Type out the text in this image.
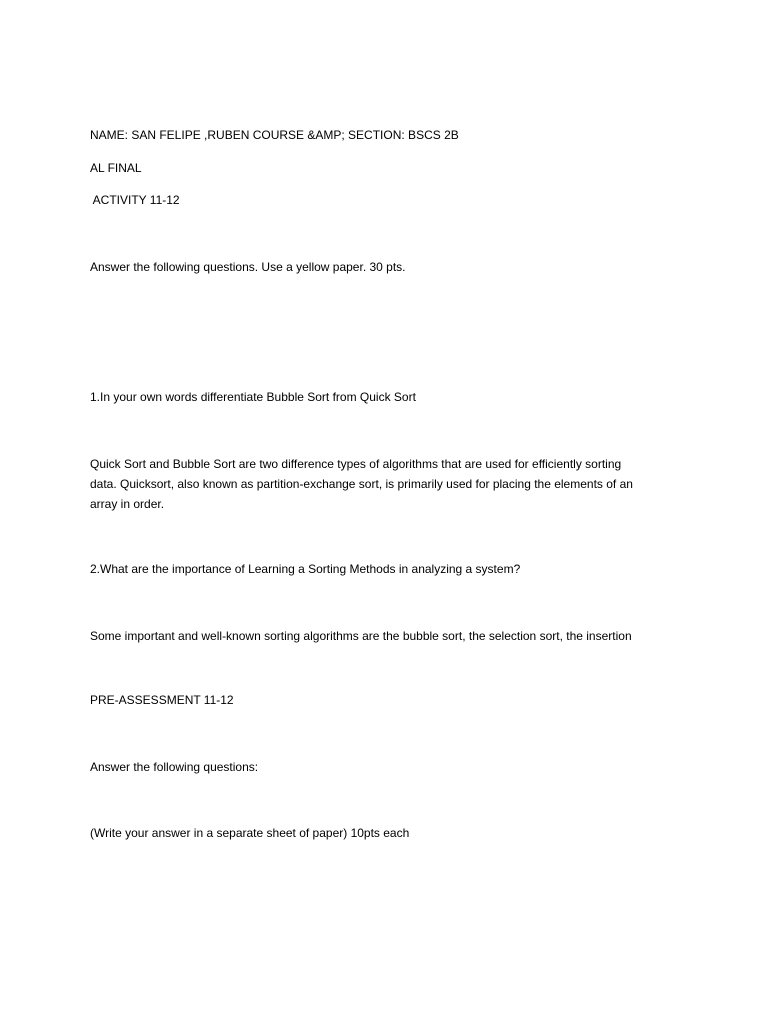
NAME: SAN FELIPE ,RUBEN COURSE &AMP; SECTION: BSCS 2B

AL FINAL

ACTIVITY 11-12

Answer the following questions. Use a yellow paper. 30 pts.

1.In your own words differentiate Bubble Sort from Quick Sort

Quick Sort and Bubble Sort are two difference types of algorithms that are used for efficiently sorting
data. Quicksort, also known as partition-exchange sort, is primarily used for placing the elements of an
array in order.

2.What are the importance of Learning a Sorting Methods in analyzing a system?

Some important and well-known sorting algorithms are the bubble sort, the selection sort, the insertion

PRE-ASSESSMENT 11-12

Answer the following questions:

(Write your answer in a separate sheet of paper) 10pts each
